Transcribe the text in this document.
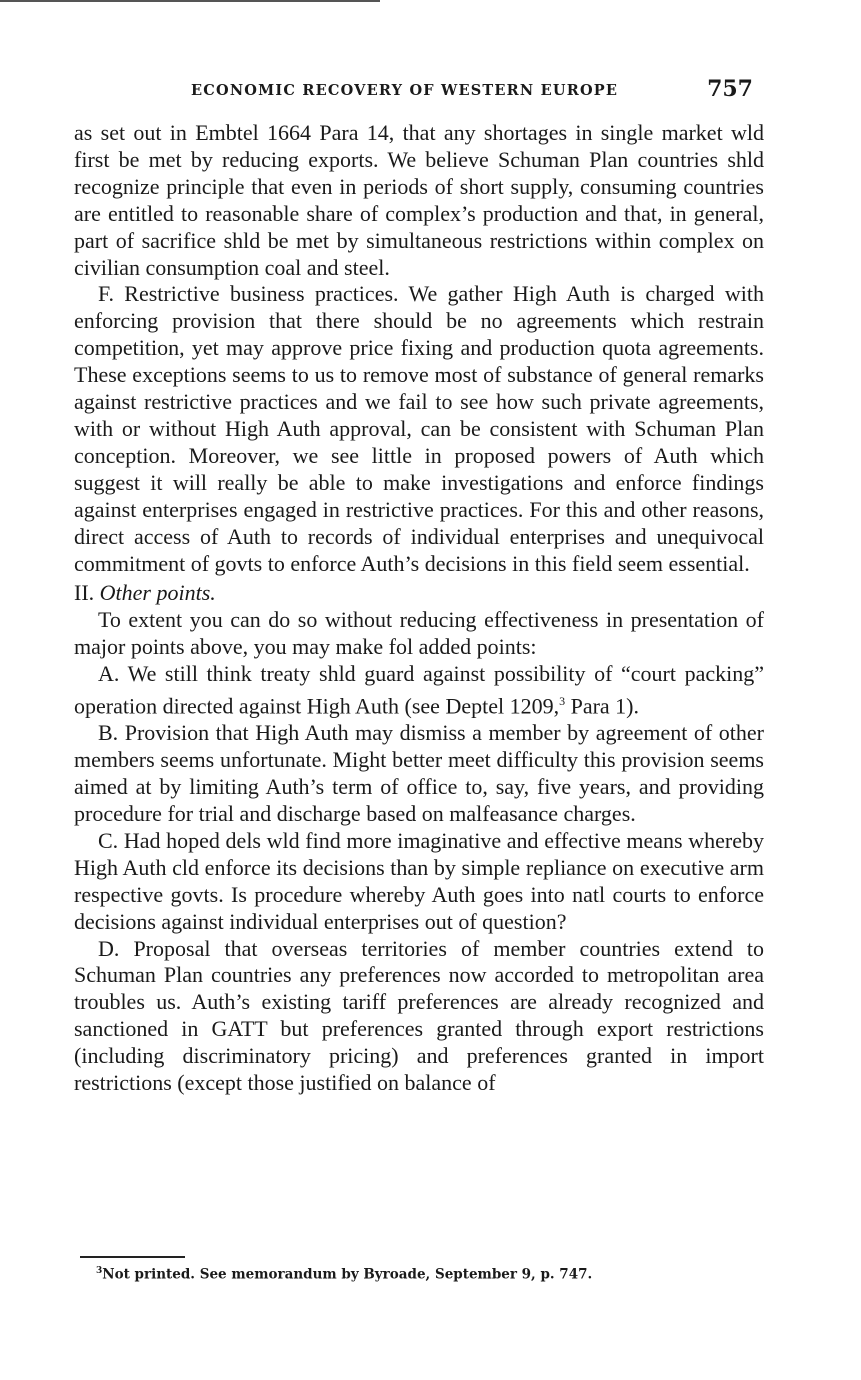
ECONOMIC RECOVERY OF WESTERN EUROPE	757

as set out in Embtel 1664 Para 14, that any shortages in single market wld first be met by reducing exports. We believe Schuman Plan countries shld recognize principle that even in periods of short supply, consuming countries are entitled to reasonable share of complex’s production and that, in general, part of sacrifice shld be met by simultaneous restrictions within complex on civilian consumption coal and steel.

F. Restrictive business practices. We gather High Auth is charged with enforcing provision that there should be no agreements which restrain competition, yet may approve price fixing and production quota agreements. These exceptions seems to us to remove most of substance of general remarks against restrictive practices and we fail to see how such private agreements, with or without High Auth approval, can be consistent with Schuman Plan conception. Moreover, we see little in proposed powers of Auth which suggest it will really be able to make investigations and enforce findings against enterprises engaged in restrictive practices. For this and other reasons, direct access of Auth to records of individual enterprises and unequivocal commitment of govts to enforce Auth’s decisions in this field seem essential.

II. Other points.

To extent you can do so without reducing effectiveness in presentation of major points above, you may make fol added points:

A. We still think treaty shld guard against possibility of “court packing” operation directed against High Auth (see Deptel 1209,$^3$ Para 1).

B. Provision that High Auth may dismiss a member by agreement of other members seems unfortunate. Might better meet difficulty this provision seems aimed at by limiting Auth’s term of office to, say, five years, and providing procedure for trial and discharge based on malfeasance charges.

C. Had hoped dels wld find more imaginative and effective means whereby High Auth cld enforce its decisions than by simple repliance on executive arm respective govts. Is procedure whereby Auth goes into natl courts to enforce decisions against individual enterprises out of question?

D. Proposal that overseas territories of member countries extend to Schuman Plan countries any preferences now accorded to metropolitan area troubles us. Auth’s existing tariff preferences are already recognized and sanctioned in GATT but preferences granted through export restrictions (including discriminatory pricing) and preferences granted in import restrictions (except those justified on balance of

$^3$Not printed. See memorandum by Byroade, September 9, p. 747.
